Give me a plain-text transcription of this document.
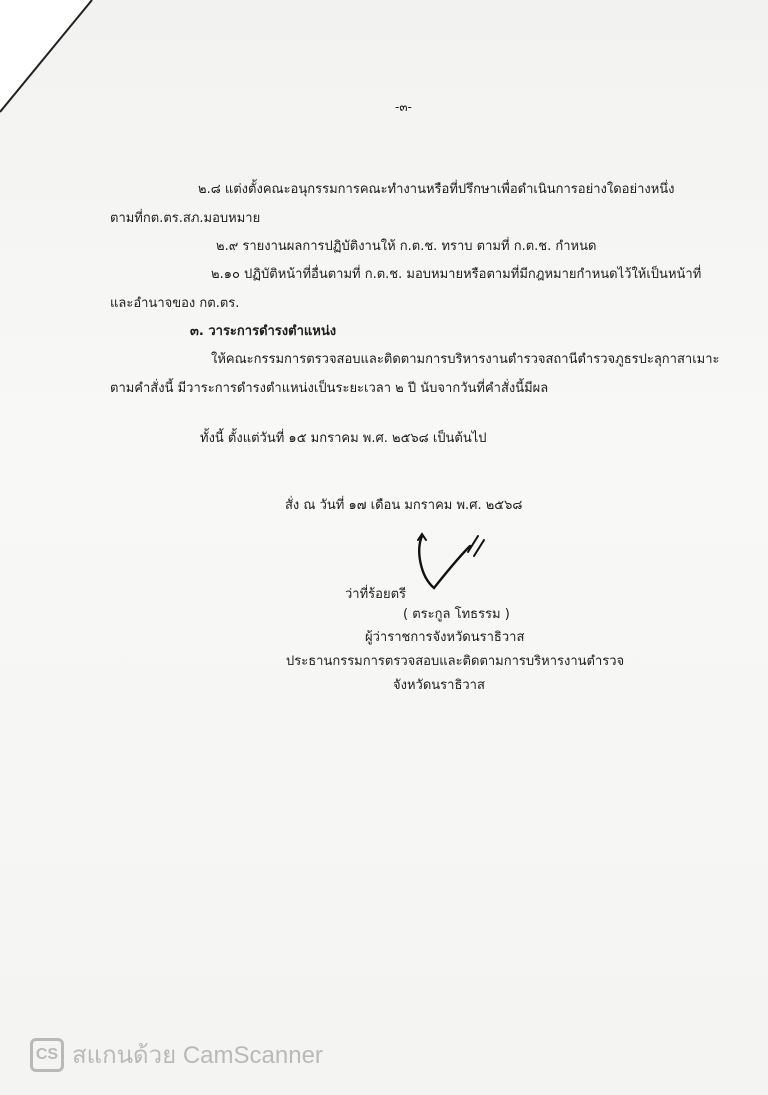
-๓-
๒.๘ แต่งตั้งคณะอนุกรรมการคณะทำงานหรือที่ปรึกษาเพื่อดำเนินการอย่างใดอย่างหนึ่ง
ตามที่กต.ตร.สภ.มอบหมาย
๒.๙ รายงานผลการปฏิบัติงานให้ ก.ต.ช. ทราบ ตามที่ ก.ต.ช. กำหนด
๒.๑๐ ปฏิบัติหน้าที่อื่นตามที่ ก.ต.ช. มอบหมายหรือตามที่มีกฎหมายกำหนดไว้ให้เป็นหน้าที่
และอำนาจของ กต.ตร.
๓. วาระการดำรงตำแหน่ง
ให้คณะกรรมการตรวจสอบและติดตามการบริหารงานตำรวจสถานีตำรวจภูธรปะลุกาสาเมาะ
ตามคำสั่งนี้ มีวาระการดำรงตำแหน่งเป็นระยะเวลา ๒ ปี นับจากวันที่คำสั่งนี้มีผล
ทั้งนี้ ตั้งแต่วันที่ ๑๕ มกราคม พ.ศ. ๒๕๖๘ เป็นต้นไป
สั่ง ณ วันที่ ๑๗ เดือน มกราคม พ.ศ. ๒๕๖๘
ว่าที่ร้อยตรี
( ตระกูล โทธรรม )
ผู้ว่าราชการจังหวัดนราธิวาส
ประธานกรรมการตรวจสอบและติดตามการบริหารงานตำรวจ
จังหวัดนราธิวาส
CS สแกนด้วย CamScanner
